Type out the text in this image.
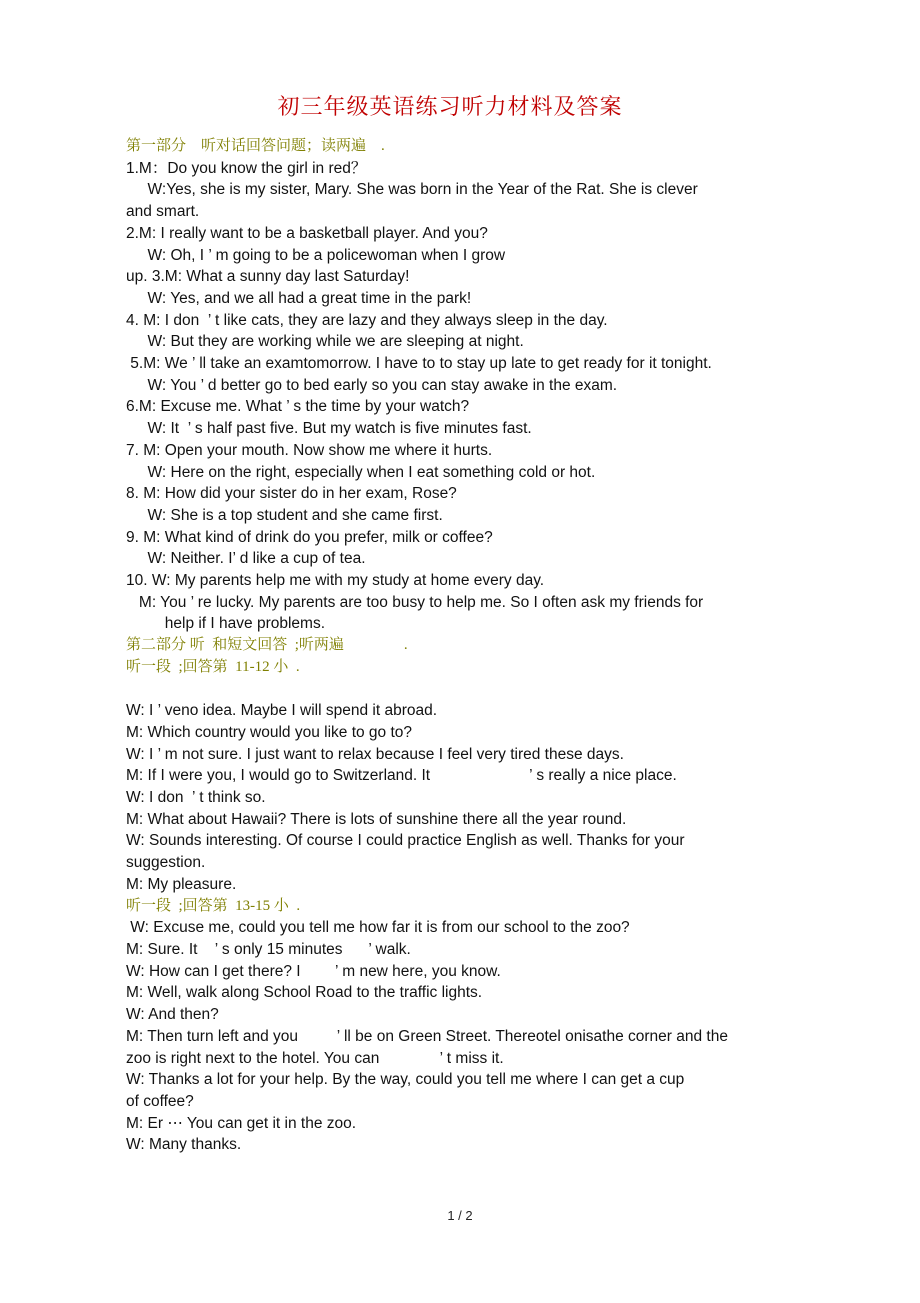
初三年级英语练习听力材料及答案
第一部分　听对话回答问题；读两遍    .
1.M：Do you know the girl in red？
W:Yes, she is my sister, Mary. She was born in the Year of the Rat. She is clever
and smart.
2.M: I really want to be a basketball player. And you?
W: Oh, I ’ m going to be a policewoman when I grow
up. 3.M: What a sunny day last Saturday!
W: Yes, and we all had a great time in the park!
4. M: I don  ’ t like cats, they are lazy and they always sleep in the day.
W: But they are working while we are sleeping at night.
5.M: We ’ ll take an examtomorrow. I have to to stay up late to get ready for it tonight.
W: You ’ d better go to bed early so you can stay awake in the exam.
6.M: Excuse me. What ’ s the time by your watch?
W: It  ’ s half past five. But my watch is five minutes fast.
7. M: Open your mouth. Now show me where it hurts.
W: Here on the right, especially when I eat something cold or hot.
8. M: How did your sister do in her exam, Rose?
W: She is a top student and she came first.
9. M: What kind of drink do you prefer, milk or coffee?
W: Neither. I’ d like a cup of tea.
10. W: My parents help me with my study at home every day.
M: You ’ re lucky. My parents are too busy to help me. So I often ask my friends for
help if I have problems.
第二部分 听  和短文回答  ;听两遍                .
听一段  ;回答第  11-12 小  .
W: I ’ veno idea. Maybe I will spend it abroad.
M: Which country would you like to go to?
W: I ’ m not sure. I just want to relax because I feel very tired these days.
M: If I were you, I would go to Switzerland. It                       ’ s really a nice place.
W: I don  ’ t think so.
M: What about Hawaii? There is lots of sunshine there all the year round.
W: Sounds interesting. Of course I could practice English as well. Thanks for your
suggestion.
M: My pleasure.
听一段  ;回答第  13-15 小  .
W: Excuse me, could you tell me how far it is from our school to the zoo?
M: Sure. It    ’ s only 15 minutes      ’ walk.
W: How can I get there? I        ’ m new here, you know.
M: Well, walk along School Road to the traffic lights.
W: And then?
M: Then turn left and you         ’ ll be on Green Street. Thereotel onisathe corner and the
zoo is right next to the hotel. You can              ’ t miss it.
W: Thanks a lot for your help. By the way, could you tell me where I can get a cup
of coffee?
M: Er ⋯ You can get it in the zoo.
W: Many thanks.
1 / 2
